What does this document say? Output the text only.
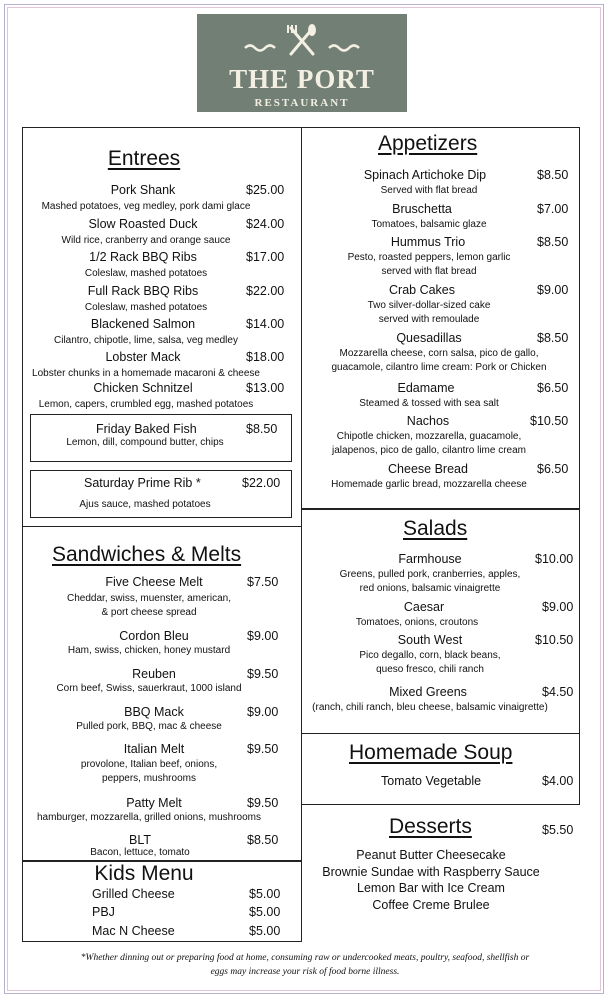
THE PORT
RESTAURANT
Entrees
Pork Shank	$25.00
Mashed potatoes, veg medley, pork dami glace
Slow Roasted Duck	$24.00
Wild rice, cranberry and orange sauce
1/2 Rack BBQ Ribs	$17.00
Coleslaw, mashed potatoes
Full Rack BBQ Ribs	$22.00
Coleslaw, mashed potatoes
Blackened Salmon	$14.00
Cilantro, chipotle, lime, salsa, veg medley
Lobster Mack	$18.00
Lobster chunks in a homemade macaroni & cheese
Chicken Schnitzel	$13.00
Lemon, capers, crumbled egg, mashed potatoes
Friday Baked Fish	$8.50
Lemon, dill, compound butter, chips
Saturday Prime Rib *	$22.00
Ajus sauce, mashed potatoes
Sandwiches & Melts
Five Cheese Melt	$7.50
Cheddar, swiss, muenster, american,
& port cheese spread
Cordon Bleu	$9.00
Ham, swiss, chicken, honey mustard
Reuben	$9.50
Corn beef, Swiss, sauerkraut, 1000 island
BBQ Mack	$9.00
Pulled pork, BBQ, mac & cheese
Italian Melt	$9.50
provolone, Italian beef, onions,
peppers, mushrooms
Patty Melt	$9.50
hamburger, mozzarella, grilled onions, mushrooms
BLT	$8.50
Bacon, lettuce, tomato
Kids Menu
Grilled Cheese	$5.00
PBJ	$5.00
Mac N Cheese	$5.00
Appetizers
Spinach Artichoke Dip	$8.50
Served with flat bread
Bruschetta	$7.00
Tomatoes, balsamic glaze
Hummus Trio	$8.50
Pesto, roasted peppers, lemon garlic
served with flat bread
Crab Cakes	$9.00
Two silver-dollar-sized cake
served with remoulade
Quesadillas	$8.50
Mozzarella cheese, corn salsa, pico de gallo,
guacamole, cilantro lime cream: Pork or Chicken
Edamame	$6.50
Steamed & tossed with sea salt
Nachos	$10.50
Chipotle chicken, mozzarella, guacamole,
jalapenos, pico de gallo, cilantro lime cream
Cheese Bread	$6.50
Homemade garlic bread, mozzarella cheese
Salads
Farmhouse	$10.00
Greens, pulled pork, cranberries, apples,
red onions, balsamic vinaigrette
Caesar	$9.00
Tomatoes, onions, croutons
South West	$10.50
Pico degallo, corn, black beans,
queso fresco, chili ranch
Mixed Greens	$4.50
(ranch, chili ranch, bleu cheese, balsamic vinaigrette)
Homemade Soup
Tomato Vegetable	$4.00
Desserts	$5.50
Peanut Butter Cheesecake
Brownie Sundae with Raspberry Sauce
Lemon Bar with Ice Cream
Coffee Creme Brulee
*Whether dinning out or preparing food at home, consuming raw or undercooked meats, poultry, seafood, shellfish or
eggs may increase your risk of food borne illness.
